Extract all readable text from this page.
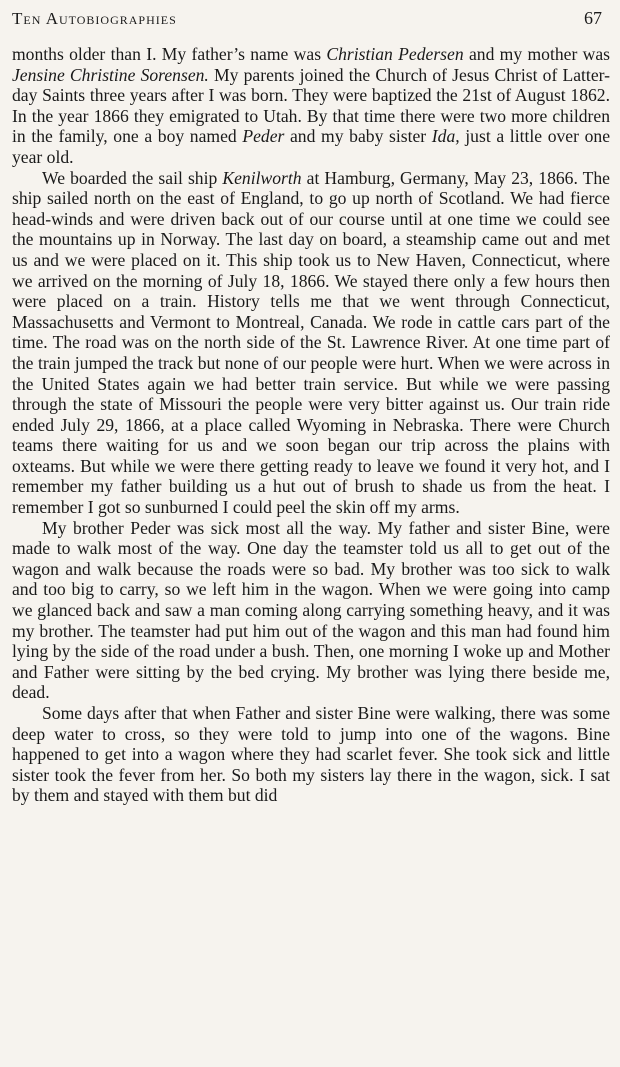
Ten Autobiographies	67

months older than I. My father’s name was Christian Pedersen and my mother was Jensine Christine Sorensen. My parents joined the Church of Jesus Christ of Latter-day Saints three years after I was born. They were baptized the 21st of August 1862. In the year 1866 they emigrated to Utah. By that time there were two more children in the family, one a boy named Peder and my baby sister Ida, just a little over one year old.

We boarded the sail ship Kenilworth at Hamburg, Germany, May 23, 1866. The ship sailed north on the east of England, to go up north of Scotland. We had fierce head-winds and were driven back out of our course until at one time we could see the mountains up in Norway. The last day on board, a steamship came out and met us and we were placed on it. This ship took us to New Haven, Connecticut, where we arrived on the morning of July 18, 1866. We stayed there only a few hours then were placed on a train. History tells me that we went through Connecticut, Massachusetts and Vermont to Montreal, Canada. We rode in cattle cars part of the time. The road was on the north side of the St. Lawrence River. At one time part of the train jumped the track but none of our people were hurt. When we were across in the United States again we had better train service. But while we were passing through the state of Missouri the people were very bitter against us. Our train ride ended July 29, 1866, at a place called Wyoming in Nebraska. There were Church teams there waiting for us and we soon began our trip across the plains with oxteams. But while we were there getting ready to leave we found it very hot, and I remember my father building us a hut out of brush to shade us from the heat. I remember I got so sunburned I could peel the skin off my arms.

My brother Peder was sick most all the way. My father and sister Bine, were made to walk most of the way. One day the teamster told us all to get out of the wagon and walk because the roads were so bad. My brother was too sick to walk and too big to carry, so we left him in the wagon. When we were going into camp we glanced back and saw a man coming along carrying something heavy, and it was my brother. The teamster had put him out of the wagon and this man had found him lying by the side of the road under a bush. Then, one morning I woke up and Mother and Father were sitting by the bed crying. My brother was lying there beside me, dead.

Some days after that when Father and sister Bine were walking, there was some deep water to cross, so they were told to jump into one of the wagons. Bine happened to get into a wagon where they had scarlet fever. She took sick and little sister took the fever from her. So both my sisters lay there in the wagon, sick. I sat by them and stayed with them but did
